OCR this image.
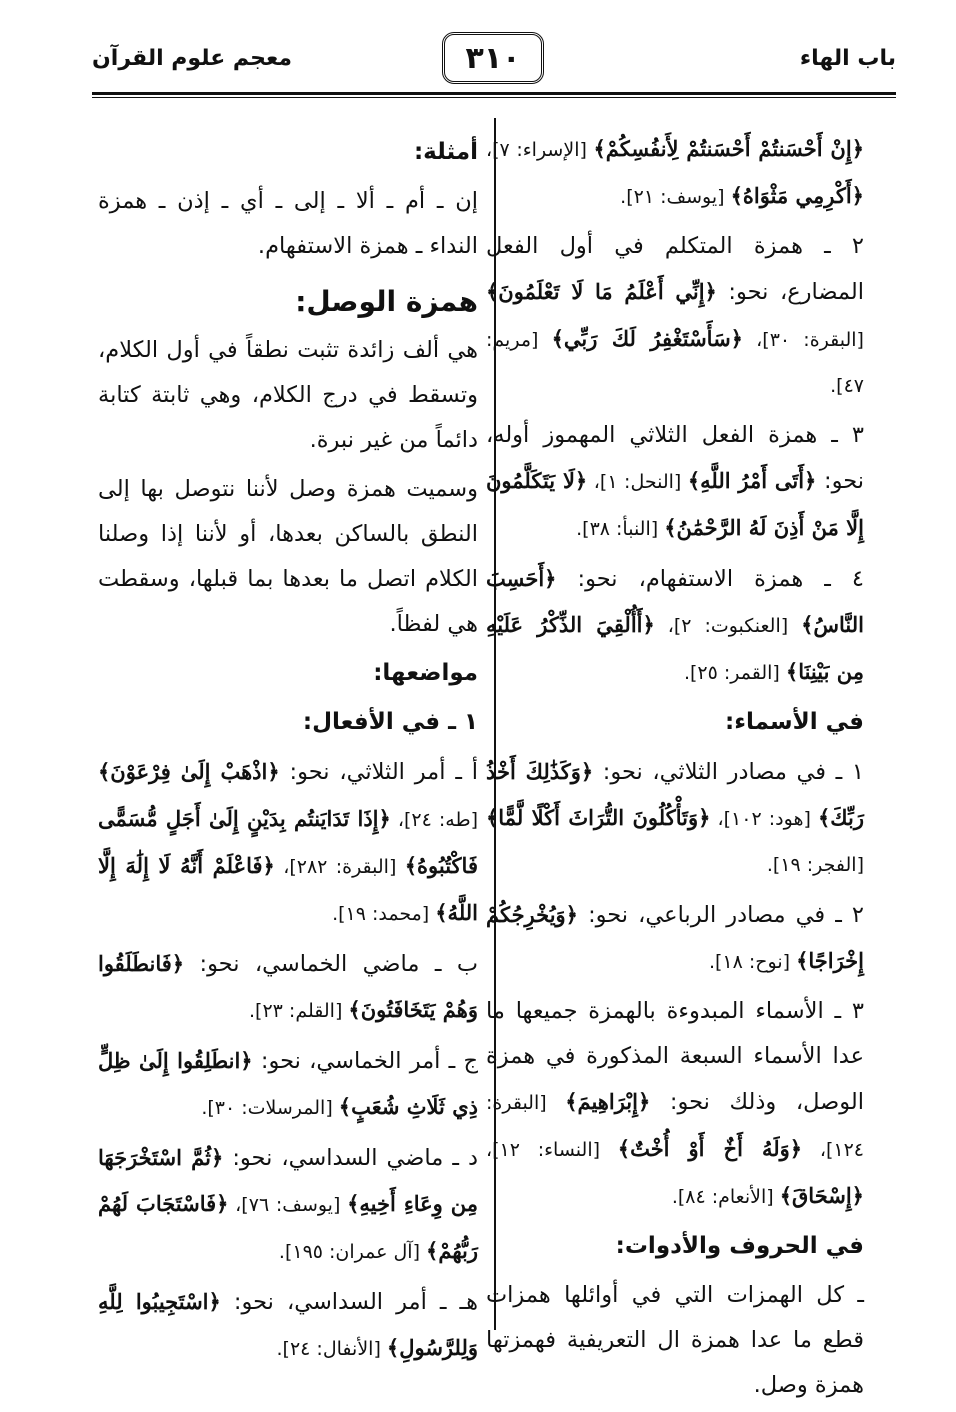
باب الهاء
٣١٠
معجم علوم القرآن

﴿إِنْ أَحْسَنتُمْ أَحْسَنتُمْ لِأَنفُسِكُمْ﴾ [الإسراء: ٧]، ﴿أَكْرِمِي مَثْوَاهُ﴾ [يوسف: ٢١].

٢ ـ همزة المتكلم في أول الفعل المضارع، نحو: ﴿إِنِّي أَعْلَمُ مَا لَا تَعْلَمُونَ﴾ [البقرة: ٣٠]، ﴿سَأَسْتَغْفِرُ لَكَ رَبِّي﴾ [مريم: ٤٧].

٣ ـ همزة الفعل الثلاثي المهموز أوله، نحو: ﴿أَتَى أَمْرُ اللَّهِ﴾ [النحل: ١]، ﴿لَا يَتَكَلَّمُونَ إِلَّا مَنْ أَذِنَ لَهُ الرَّحْمَٰنُ﴾ [النبأ: ٣٨].

٤ ـ همزة الاستفهام، نحو: ﴿أَحَسِبَ النَّاسُ﴾ [العنكبوت: ٢]، ﴿أَأُلْقِيَ الذِّكْرُ عَلَيْهِ مِن بَيْنِنَا﴾ [القمر: ٢٥].

في الأسماء:

١ ـ في مصادر الثلاثي، نحو: ﴿وَكَذَٰلِكَ أَخْذُ رَبِّكَ﴾ [هود: ١٠٢]، ﴿وَتَأْكُلُونَ التُّرَاثَ أَكْلًا لَّمًّا﴾ [الفجر: ١٩].

٢ ـ في مصادر الرباعي، نحو: ﴿وَيُخْرِجُكُمْ إِخْرَاجًا﴾ [نوح: ١٨].

٣ ـ الأسماء المبدوءة بالهمزة جميعها ما عدا الأسماء السبعة المذكورة في همزة الوصل، وذلك نحو: ﴿إِبْرَاهِيمَ﴾ [البقرة: ١٢٤]، ﴿وَلَهُ أَخٌ أَوْ أُخْتٌ﴾ [النساء: ١٢]، ﴿إِسْحَاقَ﴾ [الأنعام: ٨٤].

في الحروف والأدوات:

ـ كل الهمزات التي في أوائلها همزات قطع ما عدا همزة ال التعريفية فهمزتها همزة وصل.

أمثلة:

إن ـ أم ـ ألا ـ إلى ـ أي ـ إذن ـ همزة النداء ـ همزة الاستفهام.

همزة الوصل:

هي ألف زائدة تثبت نطقاً في أول الكلام، وتسقط في درج الكلام، وهي ثابتة كتابة دائماً من غير نبرة.

وسميت همزة وصل لأننا نتوصل بها إلى النطق بالساكن بعدها، أو لأننا إذا وصلنا الكلام اتصل ما بعدها بما قبلها، وسقطت هي لفظاً.

مواضعها:
١ ـ في الأفعال:

أ ـ أمر الثلاثي، نحو: ﴿اذْهَبْ إِلَىٰ فِرْعَوْنَ﴾ [طه: ٢٤]، ﴿إِذَا تَدَايَنتُم بِدَيْنٍ إِلَىٰ أَجَلٍ مُّسَمًّى فَاكْتُبُوهُ﴾ [البقرة: ٢٨٢]، ﴿فَاعْلَمْ أَنَّهُ لَا إِلَٰهَ إِلَّا اللَّهُ﴾ [محمد: ١٩].

ب ـ ماضي الخماسي، نحو: ﴿فَانطَلَقُوا وَهُمْ يَتَخَافَتُونَ﴾ [القلم: ٢٣].

ج ـ أمر الخماسي، نحو: ﴿انطَلِقُوا إِلَىٰ ظِلٍّ ذِي ثَلَاثِ شُعَبٍ﴾ [المرسلات: ٣٠].

د ـ ماضي السداسي، نحو: ﴿ثُمَّ اسْتَخْرَجَهَا مِن وِعَاءِ أَخِيهِ﴾ [يوسف: ٧٦]، ﴿فَاسْتَجَابَ لَهُمْ رَبُّهُمْ﴾ [آل عمران: ١٩٥].

هـ ـ أمر السداسي، نحو: ﴿اسْتَجِيبُوا لِلَّهِ وَلِلرَّسُولِ﴾ [الأنفال: ٢٤].
